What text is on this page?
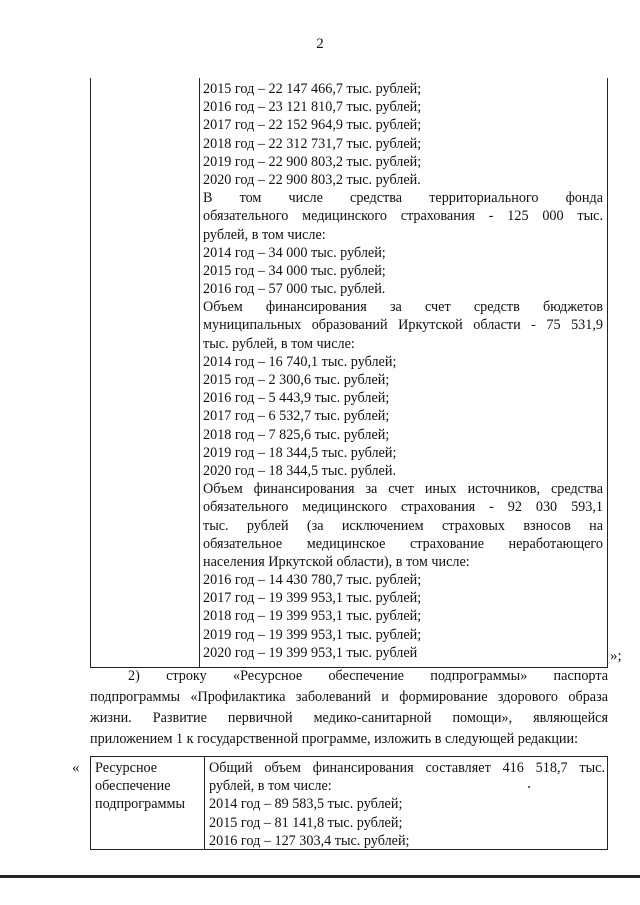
2
2015 год – 22 147 466,7 тыс. рублей;
2016 год – 23 121 810,7 тыс. рублей;
2017 год – 22 152 964,9 тыс. рублей;
2018 год – 22 312 731,7 тыс. рублей;
2019 год – 22 900 803,2 тыс. рублей;
2020 год – 22 900 803,2 тыс. рублей.
В том числе средства территориального фонда
обязательного медицинского страхования - 125 000 тыс.
рублей, в том числе:
2014 год – 34 000 тыс. рублей;
2015 год – 34 000 тыс. рублей;
2016 год – 57 000 тыс. рублей.
Объем финансирования за счет средств бюджетов
муниципальных образований Иркутской области - 75 531,9
тыс. рублей, в том числе:
2014 год – 16 740,1 тыс. рублей;
2015 год – 2 300,6 тыс. рублей;
2016 год – 5 443,9 тыс. рублей;
2017 год – 6 532,7 тыс. рублей;
2018 год – 7 825,6 тыс. рублей;
2019 год – 18 344,5 тыс. рублей;
2020 год – 18 344,5 тыс. рублей.
Объем финансирования за счет иных источников, средства
обязательного медицинского страхования - 92 030 593,1
тыс. рублей (за исключением страховых взносов на
обязательное медицинское страхование неработающего
населения Иркутской области), в том числе:
2016 год – 14 430 780,7 тыс. рублей;
2017 год – 19 399 953,1 тыс. рублей;
2018 год – 19 399 953,1 тыс. рублей;
2019 год – 19 399 953,1 тыс. рублей;
2020 год – 19 399 953,1 тыс. рублей	»;
2) строку «Ресурсное обеспечение подпрограммы» паспорта
подпрограммы «Профилактика заболеваний и формирование здорового образа
жизни. Развитие первичной медико-санитарной помощи», являющейся
приложением 1 к государственной программе, изложить в следующей редакции:
« Ресурсное
обеспечение
подпрограммы
Общий объем финансирования составляет 416 518,7 тыс.
рублей, в том числе:
2014 год – 89 583,5 тыс. рублей;
2015 год – 81 141,8 тыс. рублей;
2016 год – 127 303,4 тыс. рублей;
